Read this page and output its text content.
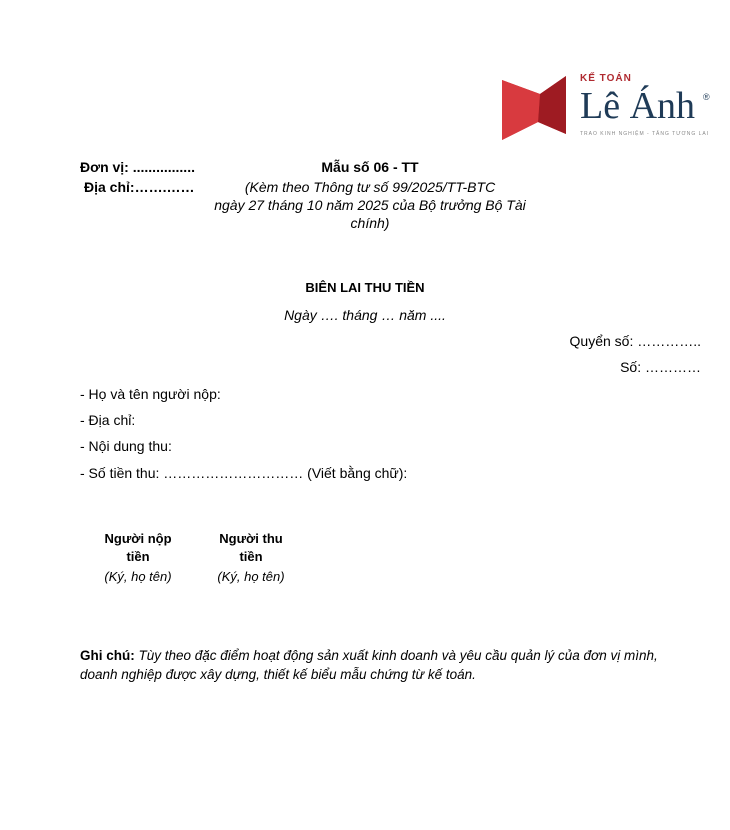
KẾ TOÁN
Lê Ánh ®
TRAO KINH NGHIỆM - TĂNG TƯƠNG LAI
Đơn vị: ................
Địa chỉ:…….……
Mẫu số 06 - TT
(Kèm theo Thông tư số 99/2025/TT-BTC
ngày 27 tháng 10 năm 2025 của Bộ trưởng Bộ Tài
chính)
BIÊN LAI THU TIỀN
Ngày …. tháng … năm ....
Quyển số: …………..
Số: …………
- Họ và tên người nộp:
- Địa chỉ:
- Nội dung thu:
- Số tiền thu: ………………………… (Viết bằng chữ):
Người nộp
tiền
(Ký, họ tên)
Người thu
tiền
(Ký, họ tên)
Ghi chú: Tùy theo đặc điểm hoạt động sản xuất kinh doanh và yêu cầu quản lý của đơn vị mình, doanh nghiệp được xây dựng, thiết kế biểu mẫu chứng từ kế toán.
